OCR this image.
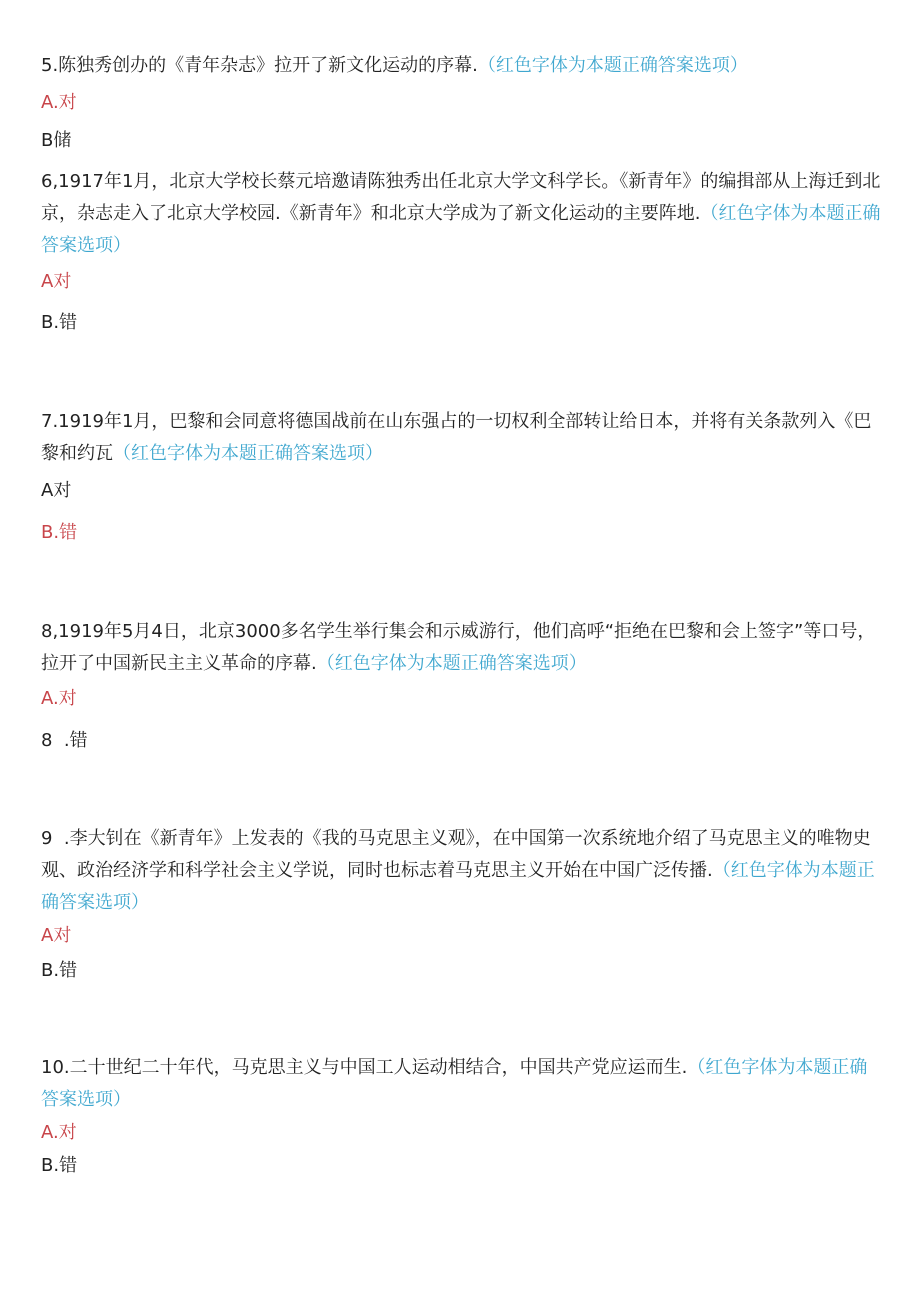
5.陈独秀创办的《青年杂志》拉开了新文化运动的序幕.（红色字体为本题正确答案选项）

A.对

B储

6,1917年1月，北京大学校长蔡元培邀请陈独秀出任北京大学文科学长。《新青年》的编揖部从上海迁到北京，杂志走入了北京大学校园.《新青年》和北京大学成为了新文化运动的主要阵地.（红色字体为本题正确答案选项）

A对

B.错

7.1919年1月，巴黎和会同意将德国战前在山东强占的一切权利全部转让给日本，并将有关条款列入《巴黎和约瓦（红色字体为本题正确答案选项）

A对

B.错

8,1919年5月4日，北京3000多名学生举行集会和示威游行，他们高呼“拒绝在巴黎和会上签字”等口号，拉开了中国新民主主义革命的序幕.（红色字体为本题正确答案选项）

A.对

8  .错

9  .李大钊在《新青年》上发表的《我的马克思主义观》，在中国第一次系统地介绍了马克思主义的唯物史观、政治经济学和科学社会主义学说，同时也标志着马克思主义开始在中国广泛传播.（红色字体为本题正确答案选项）

A对

B.错

10.二十世纪二十年代，马克思主义与中国工人运动相结合，中国共产党应运而生.（红色字体为本题正确答案选项）

A.对

B.错
